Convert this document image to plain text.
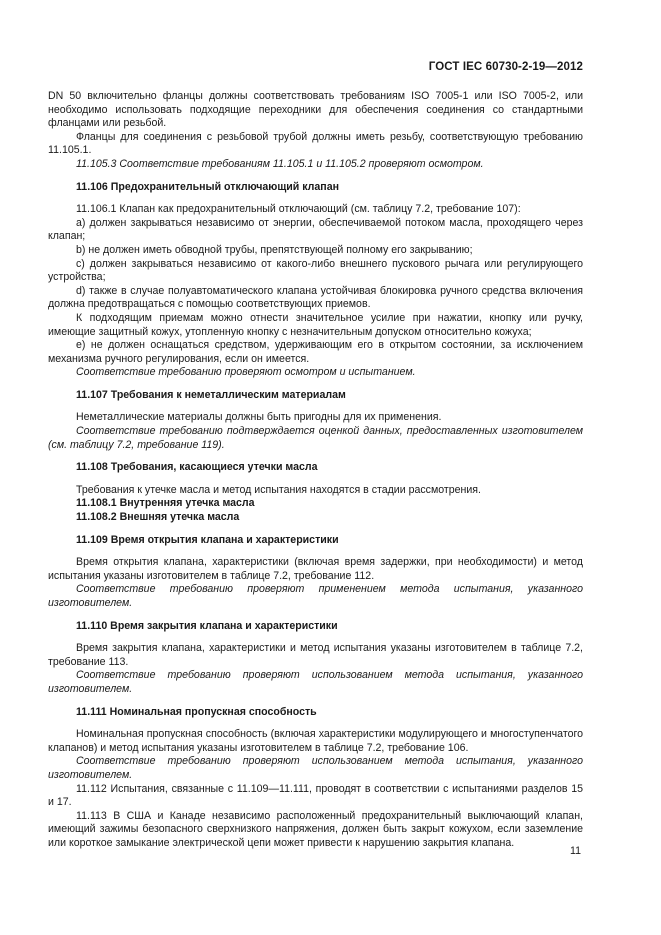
ГОСТ IEC 60730-2-19—2012

DN 50 включительно фланцы должны соответствовать требованиям ISO 7005-1 или ISO 7005-2, или необходимо использовать подходящие переходники для обеспечения соединения со стандартными фланцами или резьбой.

Фланцы для соединения с резьбовой трубой должны иметь резьбу, соответствующую требованию 11.105.1.

11.105.3 Соответствие требованиям 11.105.1 и 11.105.2 проверяют осмотром.

11.106 Предохранительный отключающий клапан

11.106.1 Клапан как предохранительный отключающий (см. таблицу 7.2, требование 107):

a) должен закрываться независимо от энергии, обеспечиваемой потоком масла, проходящего через клапан;

b) не должен иметь обводной трубы, препятствующей полному его закрыванию;

c) должен закрываться независимо от какого-либо внешнего пускового рычага или регулирующего устройства;

d) также в случае полуавтоматического клапана устойчивая блокировка ручного средства включения должна предотвращаться с помощью соответствующих приемов.

К подходящим приемам можно отнести значительное усилие при нажатии, кнопку или ручку, имеющие защитный кожух, утопленную кнопку с незначительным допуском относительно кожуха;

e) не должен оснащаться средством, удерживающим его в открытом состоянии, за исключением механизма ручного регулирования, если он имеется.

Соответствие требованию проверяют осмотром и испытанием.

11.107 Требования к неметаллическим материалам

Неметаллические материалы должны быть пригодны для их применения.

Соответствие требованию подтверждается оценкой данных, предоставленных изготовителем (см. таблицу 7.2, требование 119).

11.108 Требования, касающиеся утечки масла

Требования к утечке масла и метод испытания находятся в стадии рассмотрения.

11.108.1 Внутренняя утечка масла

11.108.2 Внешняя утечка масла

11.109 Время открытия клапана и характеристики

Время открытия клапана, характеристики (включая время задержки, при необходимости) и метод испытания указаны изготовителем в таблице 7.2, требование 112.

Соответствие требованию проверяют применением метода испытания, указанного изготовителем.

11.110 Время закрытия клапана и характеристики

Время закрытия клапана, характеристики и метод испытания указаны изготовителем в таблице 7.2, требование 113.

Соответствие требованию проверяют использованием метода испытания, указанного изготовителем.

11.111 Номинальная пропускная способность

Номинальная пропускная способность (включая характеристики модулирующего и многоступенчатого клапанов) и метод испытания указаны изготовителем в таблице 7.2, требование 106.

Соответствие требованию проверяют использованием метода испытания, указанного изготовителем.

11.112 Испытания, связанные с 11.109—11.111, проводят в соответствии с испытаниями разделов 15 и 17.

11.113 В США и Канаде независимо расположенный предохранительный выключающий клапан, имеющий зажимы безопасного сверхнизкого напряжения, должен быть закрыт кожухом, если заземление или короткое замыкание электрической цепи может привести к нарушению закрытия клапана.

11
